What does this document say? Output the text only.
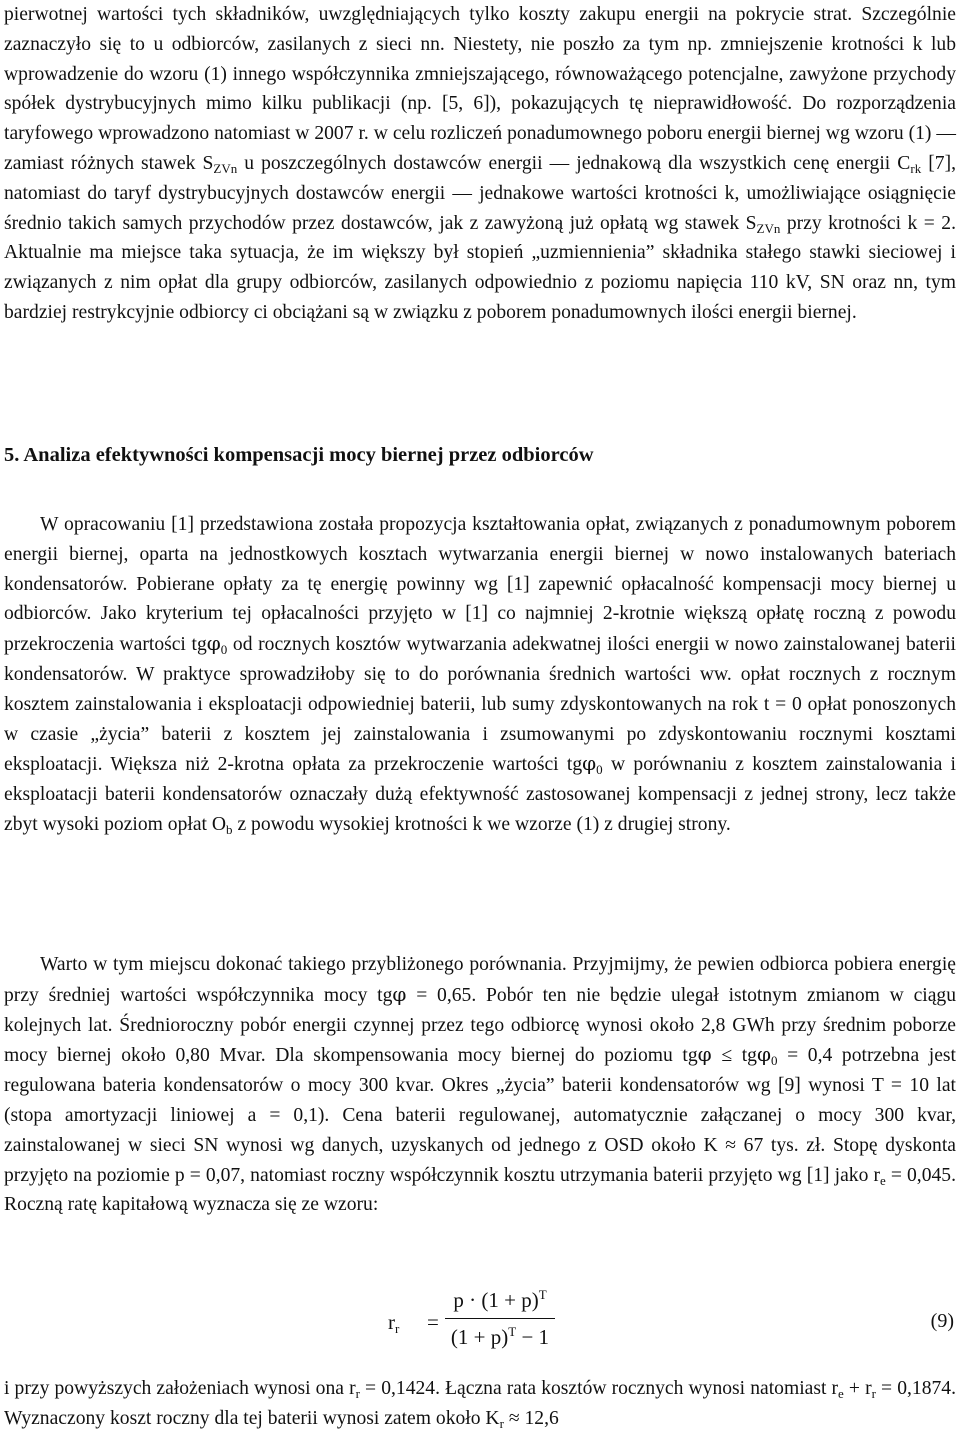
pierwotnej wartości tych składników, uwzględniających tylko koszty zakupu energii na pokrycie strat. Szczególnie zaznaczyło się to u odbiorców, zasilanych z sieci nn. Niestety, nie poszło za tym np. zmniejszenie krotności k lub wprowadzenie do wzoru (1) innego współczynnika zmniejszającego, równoważącego potencjalne, zawyżone przychody spółek dystrybucyjnych mimo kilku publikacji (np. [5, 6]), pokazujących tę nieprawidłowość. Do rozporządzenia taryfowego wprowadzono natomiast w 2007 r. w celu rozliczeń ponadumownego poboru energii biernej wg wzoru (1) — zamiast różnych stawek $S_{ZVn}$ u poszczególnych dostawców energii — jednakową dla wszystkich cenę energii $C_{rk}$ [7], natomiast do taryf dystrybucyjnych dostawców energii — jednakowe wartości krotności k, umożliwiające osiągnięcie średnio takich samych przychodów przez dostawców, jak z zawyżoną już opłatą wg stawek $S_{ZVn}$ przy krotności k = 2. Aktualnie ma miejsce taka sytuacja, że im większy był stopień „uzmiennienia” składnika stałego stawki sieciowej i związanych z nim opłat dla grupy odbiorców, zasilanych odpowiednio z poziomu napięcia 110 kV, SN oraz nn, tym bardziej restrykcyjnie odbiorcy ci obciążani są w związku z poborem ponadumownych ilości energii biernej.

5. Analiza efektywności kompensacji mocy biernej przez odbiorców

W opracowaniu [1] przedstawiona została propozycja kształtowania opłat, związanych z ponadumownym poborem energii biernej, oparta na jednostkowych kosztach wytwarzania energii biernej w nowo instalowanych bateriach kondensatorów. Pobierane opłaty za tę energię powinny wg [1] zapewnić opłacalność kompensacji mocy biernej u odbiorców. Jako kryterium tej opłacalności przyjęto w [1] co najmniej 2-krotnie większą opłatę roczną z powodu przekroczenia wartości tgφ$_0$ od rocznych kosztów wytwarzania adekwatnej ilości energii w nowo zainstalowanej baterii kondensatorów. W praktyce sprowadziłoby się to do porównania średnich wartości ww. opłat rocznych z rocznym kosztem zainstalowania i eksploatacji odpowiedniej baterii, lub sumy zdyskontowanych na rok t = 0 opłat ponoszonych w czasie „życia” baterii z kosztem jej zainstalowania i zsumowanymi po zdyskontowaniu rocznymi kosztami eksploatacji. Większa niż 2-krotna opłata za przekroczenie wartości tgφ$_0$ w porównaniu z kosztem zainstalowania i eksploatacji baterii kondensatorów oznaczały dużą efektywność zastosowanej kompensacji z jednej strony, lecz także zbyt wysoki poziom opłat $O_b$ z powodu wysokiej krotności k we wzorze (1) z drugiej strony.

Warto w tym miejscu dokonać takiego przybliżonego porównania. Przyjmijmy, że pewien odbiorca pobiera energię przy średniej wartości współczynnika mocy tgφ = 0,65. Pobór ten nie będzie ulegał istotnym zmianom w ciągu kolejnych lat. Średnioroczny pobór energii czynnej przez tego odbiorcę wynosi około 2,8 GWh przy średnim poborze mocy biernej około 0,80 Mvar. Dla skompensowania mocy biernej do poziomu tgφ ≤ tgφ$_0$ = 0,4 potrzebna jest regulowana bateria kondensatorów o mocy 300 kvar. Okres „życia” baterii kondensatorów wg [9] wynosi T = 10 lat (stopa amortyzacji liniowej a = 0,1). Cena baterii regulowanej, automatycznie załączanej o mocy 300 kvar, zainstalowanej w sieci SN wynosi wg danych, uzyskanych od jednego z OSD około K ≈ 67 tys. zł. Stopę dyskonta przyjęto na poziomie p = 0,07, natomiast roczny współczynnik kosztu utrzymania baterii przyjęto wg [1] jako $r_e = 0,045$. Roczną ratę kapitałową wyznacza się ze wzoru:

$r_r$ =
$p \cdot (1 + p)^T$
$(1 + p)^T - 1$
(9)

i przy powyższych założeniach wynosi ona $r_r = 0,1424$. Łączna rata kosztów rocznych wynosi natomiast $r_e + r_r = 0,1874$. Wyznaczony koszt roczny dla tej baterii wynosi zatem około $K_r \approx 12,6$
